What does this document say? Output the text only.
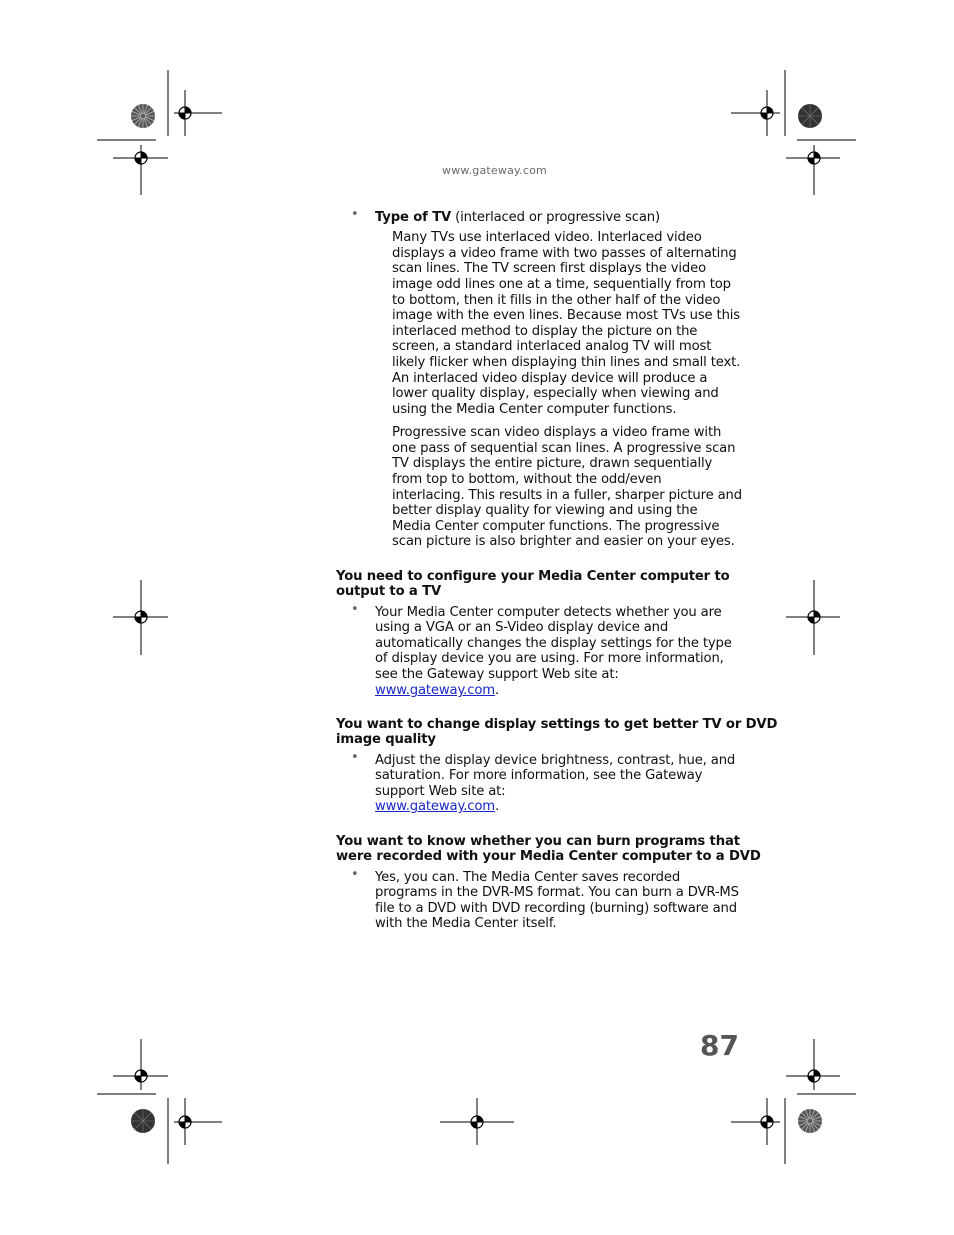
www.gateway.com
• Type of TV (interlaced or progressive scan)
Many TVs use interlaced video. Interlaced video
displays a video frame with two passes of alternating
scan lines. The TV screen first displays the video
image odd lines one at a time, sequentially from top
to bottom, then it fills in the other half of the video
image with the even lines. Because most TVs use this
interlaced method to display the picture on the
screen, a standard interlaced analog TV will most
likely flicker when displaying thin lines and small text.
An interlaced video display device will produce a
lower quality display, especially when viewing and
using the Media Center computer functions.
Progressive scan video displays a video frame with
one pass of sequential scan lines. A progressive scan
TV displays the entire picture, drawn sequentially
from top to bottom, without the odd/even
interlacing. This results in a fuller, sharper picture and
better display quality for viewing and using the
Media Center computer functions. The progressive
scan picture is also brighter and easier on your eyes.
You need to configure your Media Center computer to
output to a TV
• Your Media Center computer detects whether you are
using a VGA or an S-Video display device and
automatically changes the display settings for the type
of display device you are using. For more information,
see the Gateway support Web site at:
www.gateway.com.
You want to change display settings to get better TV or DVD
image quality
• Adjust the display device brightness, contrast, hue, and
saturation. For more information, see the Gateway
support Web site at:
www.gateway.com.
You want to know whether you can burn programs that
were recorded with your Media Center computer to a DVD
• Yes, you can. The Media Center saves recorded
programs in the DVR-MS format. You can burn a DVR-MS
file to a DVD with DVD recording (burning) software and
with the Media Center itself.
87
